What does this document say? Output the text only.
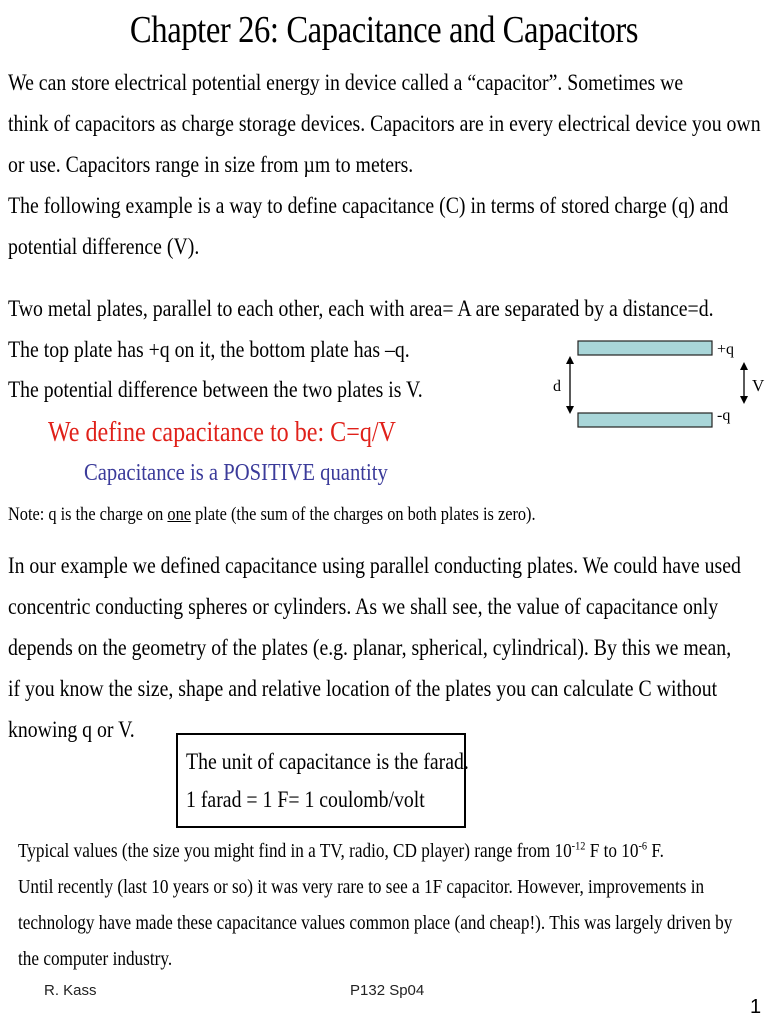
Chapter 26: Capacitance and Capacitors
We can store electrical potential energy in device called a “capacitor”. Sometimes we
think of capacitors as charge storage devices. Capacitors are in every electrical device you own
or use. Capacitors range in size from µm to meters.
The following example is a way to define capacitance (C) in terms of stored charge (q) and
potential difference (V).
Two metal plates, parallel to each other, each with area= A are separated by a distance=d.
The top plate has +q on it, the bottom plate has –q.
The potential difference between the two plates is V.
+q
-q
d	V
We define capacitance to be: C=q/V
Capacitance is a POSITIVE quantity
Note: q is the charge on one plate (the sum of the charges on both plates is zero).
In our example we defined capacitance using parallel conducting plates. We could have used
concentric conducting spheres or cylinders. As we shall see, the value of capacitance only
depends on the geometry of the plates (e.g. planar, spherical, cylindrical). By this we mean,
if you know the size, shape and relative location of the plates you can calculate C without
knowing q or V.
The unit of capacitance is the farad.
1 farad = 1 F= 1 coulomb/volt
Typical values (the size you might find in a TV, radio, CD player) range from $10^{-12}$ F to $10^{-6}$ F.
Until recently (last 10 years or so) it was very rare to see a 1F capacitor. However, improvements in
technology have made these capacitance values common place (and cheap!). This was largely driven by
the computer industry.
R. Kass	P132 Sp04
1
